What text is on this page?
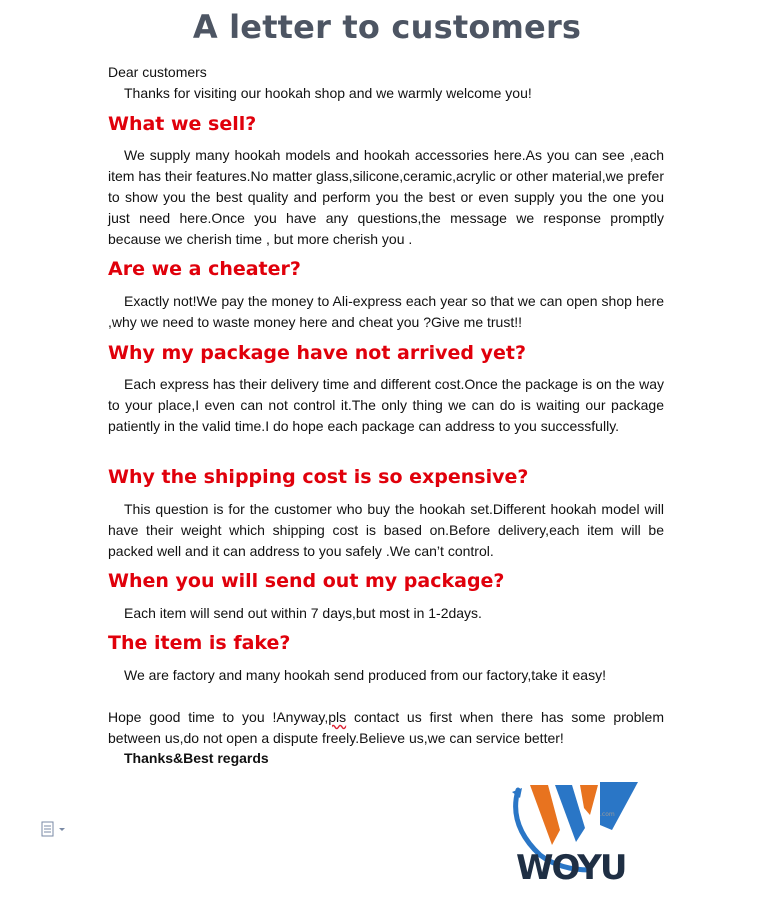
A letter to customers
Dear customers
Thanks for visiting our hookah shop and we warmly welcome you!
What we sell?

We supply many hookah models and hookah accessories here.As you can see ,each item has their features.No matter glass,silicone,ceramic,acrylic or other material,we prefer to show you the best quality and perform you the best or even supply you the one you just need here.Once you have any questions,the message we response promptly because we cherish time , but more cherish you .

Are we a cheater?

Exactly not!We pay the money to Ali-express each year so that we can open shop here ,why we need to waste money here and cheat you ?Give me trust!!

Why my package have not arrived yet?

Each express has their delivery time and different cost.Once the package is on the way to your place,I even can not control it.The only thing we can do is waiting our package patiently in the valid time.I do hope each package can address to you successfully.

Why the shipping cost is so expensive?

This question is for the customer who buy the hookah set.Different hookah model will have their weight which shipping cost is based on.Before delivery,each item will be packed well and it can address to you safely .We can’t control.

When you will send out my package?

Each item will send out within 7 days,but most in 1-2days.

The item is fake?

We are factory and many hookah send produced from our factory,take it easy!

Hope good time to you !Anyway,pls contact us first when there has some problem between us,do not open a dispute freely.Believe us,we can service better!

Thanks&Best regards
.com
WOYU
